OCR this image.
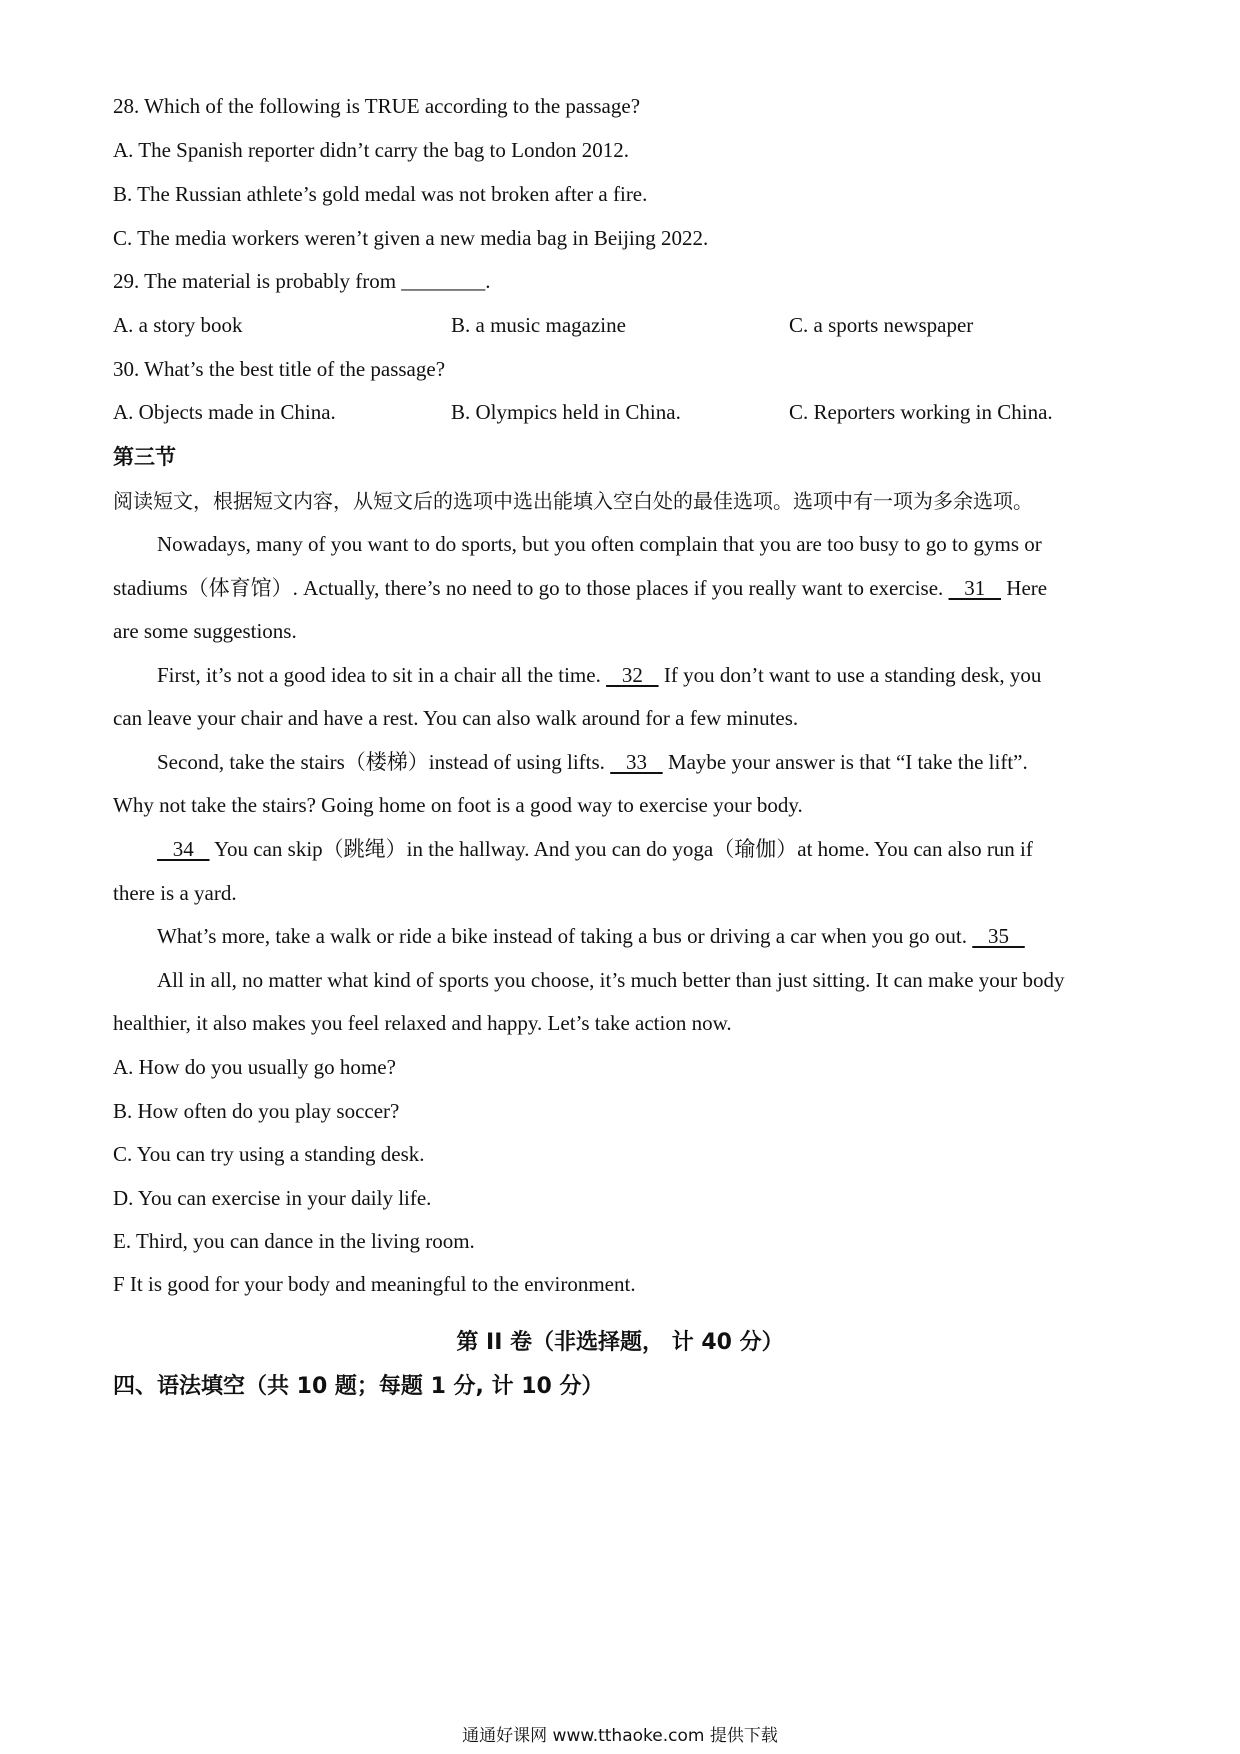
28. Which of the following is TRUE according to the passage?
A. The Spanish reporter didn’t carry the bag to London 2012.
B. The Russian athlete’s gold medal was not broken after a fire.
C. The media workers weren’t given a new media bag in Beijing 2022.
29. The material is probably from ________.
A. a story book	B. a music magazine	C. a sports newspaper
30. What’s the best title of the passage?
A. Objects made in China.	B. Olympics held in China.	C. Reporters working in China.
第三节
阅读短文，根据短文内容，从短文后的选项中选出能填入空白处的最佳选项。选项中有一项为多余选项。
Nowadays, many of you want to do sports, but you often complain that you are too busy to go to gyms or
stadiums（体育馆）. Actually, there’s no need to go to those places if you really want to exercise.    31    Here
are some suggestions.
First, it’s not a good idea to sit in a chair all the time.    32    If you don’t want to use a standing desk, you
can leave your chair and have a rest. You can also walk around for a few minutes.
Second, take the stairs（楼梯）instead of using lifts.    33    Maybe your answer is that “I take the lift”.
Why not take the stairs? Going home on foot is a good way to exercise your body.
34    You can skip（跳绳）in the hallway. And you can do yoga（瑜伽）at home. You can also run if
there is a yard.
What’s more, take a walk or ride a bike instead of taking a bus or driving a car when you go out.    35
All in all, no matter what kind of sports you choose, it’s much better than just sitting. It can make your body
healthier, it also makes you feel relaxed and happy. Let’s take action now.
A. How do you usually go home?
B. How often do you play soccer?
C. You can try using a standing desk.
D. You can exercise in your daily life.
E. Third, you can dance in the living room.
F It is good for your body and meaningful to the environment.
第 II 卷（非选择题， 计 40 分）
四、语法填空（共 10 题；每题 1 分, 计 10 分）
通通好课网 www.tthaoke.com 提供下载
